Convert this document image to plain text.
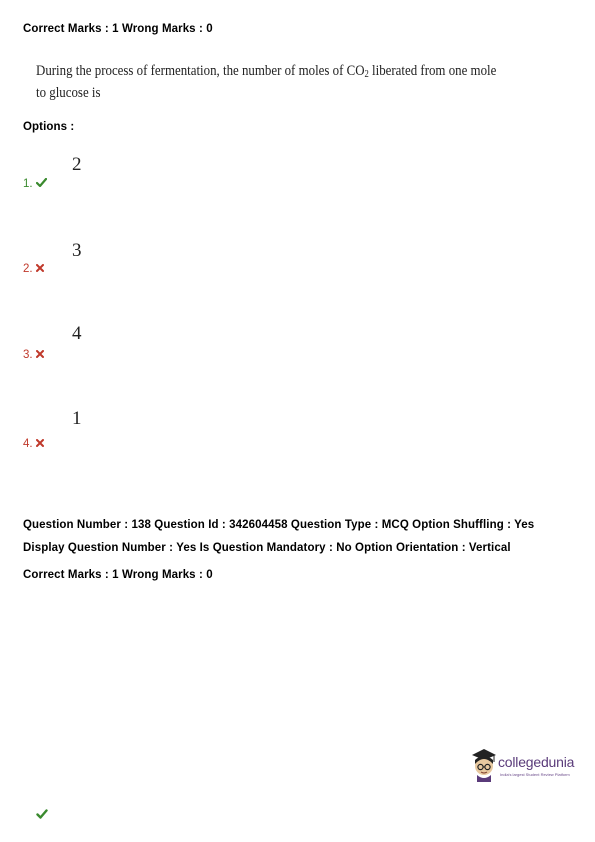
Correct Marks : 1 Wrong Marks : 0
During the process of fermentation, the number of moles of $CO_2$ liberated from one mole
to glucose is
Options :
2
1.
3
2.
4
3.
1
4.
Question Number : 138 Question Id : 342604458 Question Type : MCQ Option Shuffling : Yes
Display Question Number : Yes Is Question Mandatory : No Option Orientation : Vertical
Correct Marks : 1 Wrong Marks : 0
collegedunia
India's largest Student Review Platform
